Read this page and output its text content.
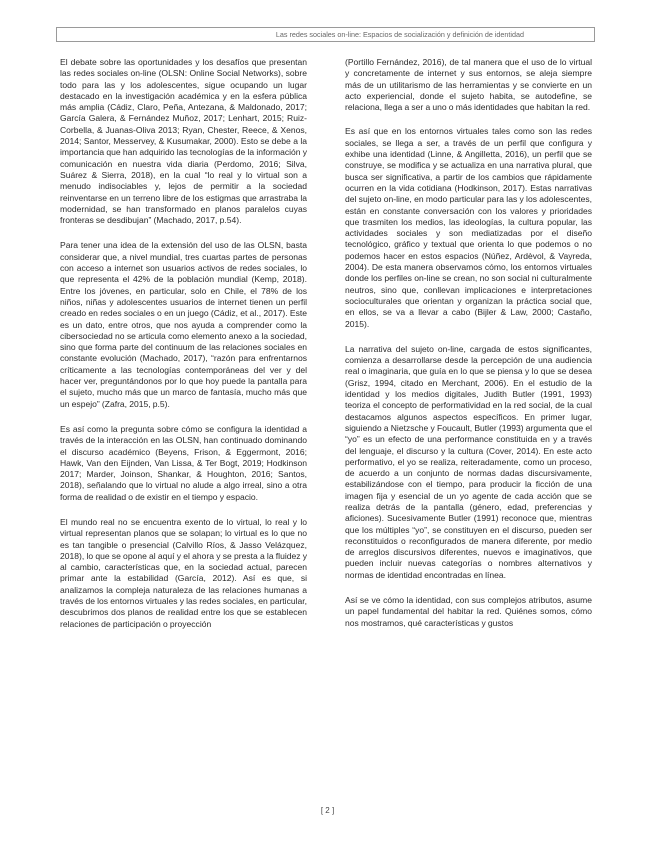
Las redes sociales on-line: Espacios de socialización y definición de identidad

El debate sobre las oportunidades y los desafíos que presentan las redes sociales on-line (OLSN: Online Social Networks), sobre todo para las y los adolescentes, sigue ocupando un lugar destacado en la investigación académica y en la esfera pública más amplia (Cádiz, Claro, Peña, Antezana, & Maldonado, 2017; García Galera, & Fernández Muñoz, 2017; Lenhart, 2015; Ruiz-Corbella, & Juanas-Oliva 2013; Ryan, Chester, Reece, & Xenos, 2014; Santor, Messervey, & Kusumakar, 2000). Esto se debe a la importancia que han adquirido las tecnologías de la información y comunicación en nuestra vida diaria (Perdomo, 2016; Silva, Suárez & Sierra, 2018), en la cual “lo real y lo virtual son a menudo indisociables y, lejos de permitir a la sociedad reinventarse en un terreno libre de los estigmas que arrastraba la modernidad, se han transformado en planos paralelos cuyas fronteras se desdibujan” (Machado, 2017, p.54).

Para tener una idea de la extensión del uso de las OLSN, basta considerar que, a nivel mundial, tres cuartas partes de personas con acceso a internet son usuarios activos de redes sociales, lo que representa el 42% de la población mundial (Kemp, 2018). Entre los jóvenes, en particular, solo en Chile, el 78% de los niños, niñas y adolescentes usuarios de internet tienen un perfil creado en redes sociales o en un juego (Cádiz, et al., 2017). Este es un dato, entre otros, que nos ayuda a comprender como la cibersociedad no se articula como elemento anexo a la sociedad, sino que forma parte del continuum de las relaciones sociales en constante evolución (Machado, 2017), “razón para enfrentarnos críticamente a las tecnologías contemporáneas del ver y del hacer ver, preguntándonos por lo que hoy puede la pantalla para el sujeto, mucho más que un marco de fantasía, mucho más que un espejo” (Zafra, 2015, p.5).

Es así como la pregunta sobre cómo se configura la identidad a través de la interacción en las OLSN, han continuado dominando el discurso académico (Beyens, Frison, & Eggermont, 2016; Hawk, Van den Eijnden, Van Lissa, & Ter Bogt, 2019; Hodkinson 2017; Marder, Joinson, Shankar, & Houghton, 2016; Santos, 2018), señalando que lo virtual no alude a algo irreal, sino a otra forma de realidad o de existir en el tiempo y espacio.

El mundo real no se encuentra exento de lo virtual, lo real y lo virtual representan planos que se solapan; lo virtual es lo que no es tan tangible o presencial (Calvillo Ríos, & Jasso Velázquez, 2018), lo que se opone al aquí y el ahora y se presta a la fluidez y al cambio, características que, en la sociedad actual, parecen primar ante la estabilidad (García, 2012). Así es que, si analizamos la compleja naturaleza de las relaciones humanas a través de los entornos virtuales y las redes sociales, en particular, descubrimos dos planos de realidad entre los que se establecen relaciones de participación o proyección

(Portillo Fernández, 2016), de tal manera que el uso de lo virtual y concretamente de internet y sus entornos, se aleja siempre más de un utilitarismo de las herramientas y se convierte en un acto experiencial, donde el sujeto habita, se autodefine, se relaciona, llega a ser a uno o más identidades que habitan la red.

Es así que en los entornos virtuales tales como son las redes sociales, se llega a ser, a través de un perfil que configura y exhibe una identidad (Linne, & Angilletta, 2016), un perfil que se construye, se modifica y se actualiza en una narrativa plural, que busca ser significativa, a partir de los cambios que rápidamente ocurren en la vida cotidiana (Hodkinson, 2017). Estas narrativas del sujeto on-line, en modo particular para las y los adolescentes, están en constante conversación con los valores y prioridades que trasmiten los medios, las ideologías, la cultura popular, las actividades sociales y son mediatizadas por el diseño tecnológico, gráfico y textual que orienta lo que podemos o no podemos hacer en estos espacios (Núñez, Ardèvol, & Vayreda, 2004). De esta manera observamos cómo, los entornos virtuales donde los perfiles on-line se crean, no son social ni culturalmente neutros, sino que, conllevan implicaciones e interpretaciones socioculturales que orientan y organizan la práctica social que, en ellos, se va a llevar a cabo (Bijler & Law, 2000; Castaño, 2015).

La narrativa del sujeto on-line, cargada de estos significantes, comienza a desarrollarse desde la percepción de una audiencia real o imaginaria, que guía en lo que se piensa y lo que se desea (Grisz, 1994, citado en Merchant, 2006). En el estudio de la identidad y los medios digitales, Judith Butler (1991, 1993) teoriza el concepto de performatividad en la red social, de la cual destacamos algunos aspectos específicos. En primer lugar, siguiendo a Nietzsche y Foucault, Butler (1993) argumenta que el “yo” es un efecto de una performance constituida en y a través del lenguaje, el discurso y la cultura (Cover, 2014). En este acto performativo, el yo se realiza, reiteradamente, como un proceso, de acuerdo a un conjunto de normas dadas discursivamente, estabilizándose con el tiempo, para producir la ficción de una imagen fija y esencial de un yo agente de cada acción que se realiza detrás de la pantalla (género, edad, preferencias y aficiones). Sucesivamente Butler (1991) reconoce que, mientras que los múltiples “yo”, se constituyen en el discurso, pueden ser reconstituidos o reconfigurados de manera diferente, por medio de arreglos discursivos diferentes, nuevos e imaginativos, que pueden incluir nuevas categorías o nombres alternativos y normas de identidad encontradas en línea.

Así se ve cómo la identidad, con sus complejos atributos, asume un papel fundamental del habitar la red. Quiénes somos, cómo nos mostramos, qué características y gustos

[ 2 ]
